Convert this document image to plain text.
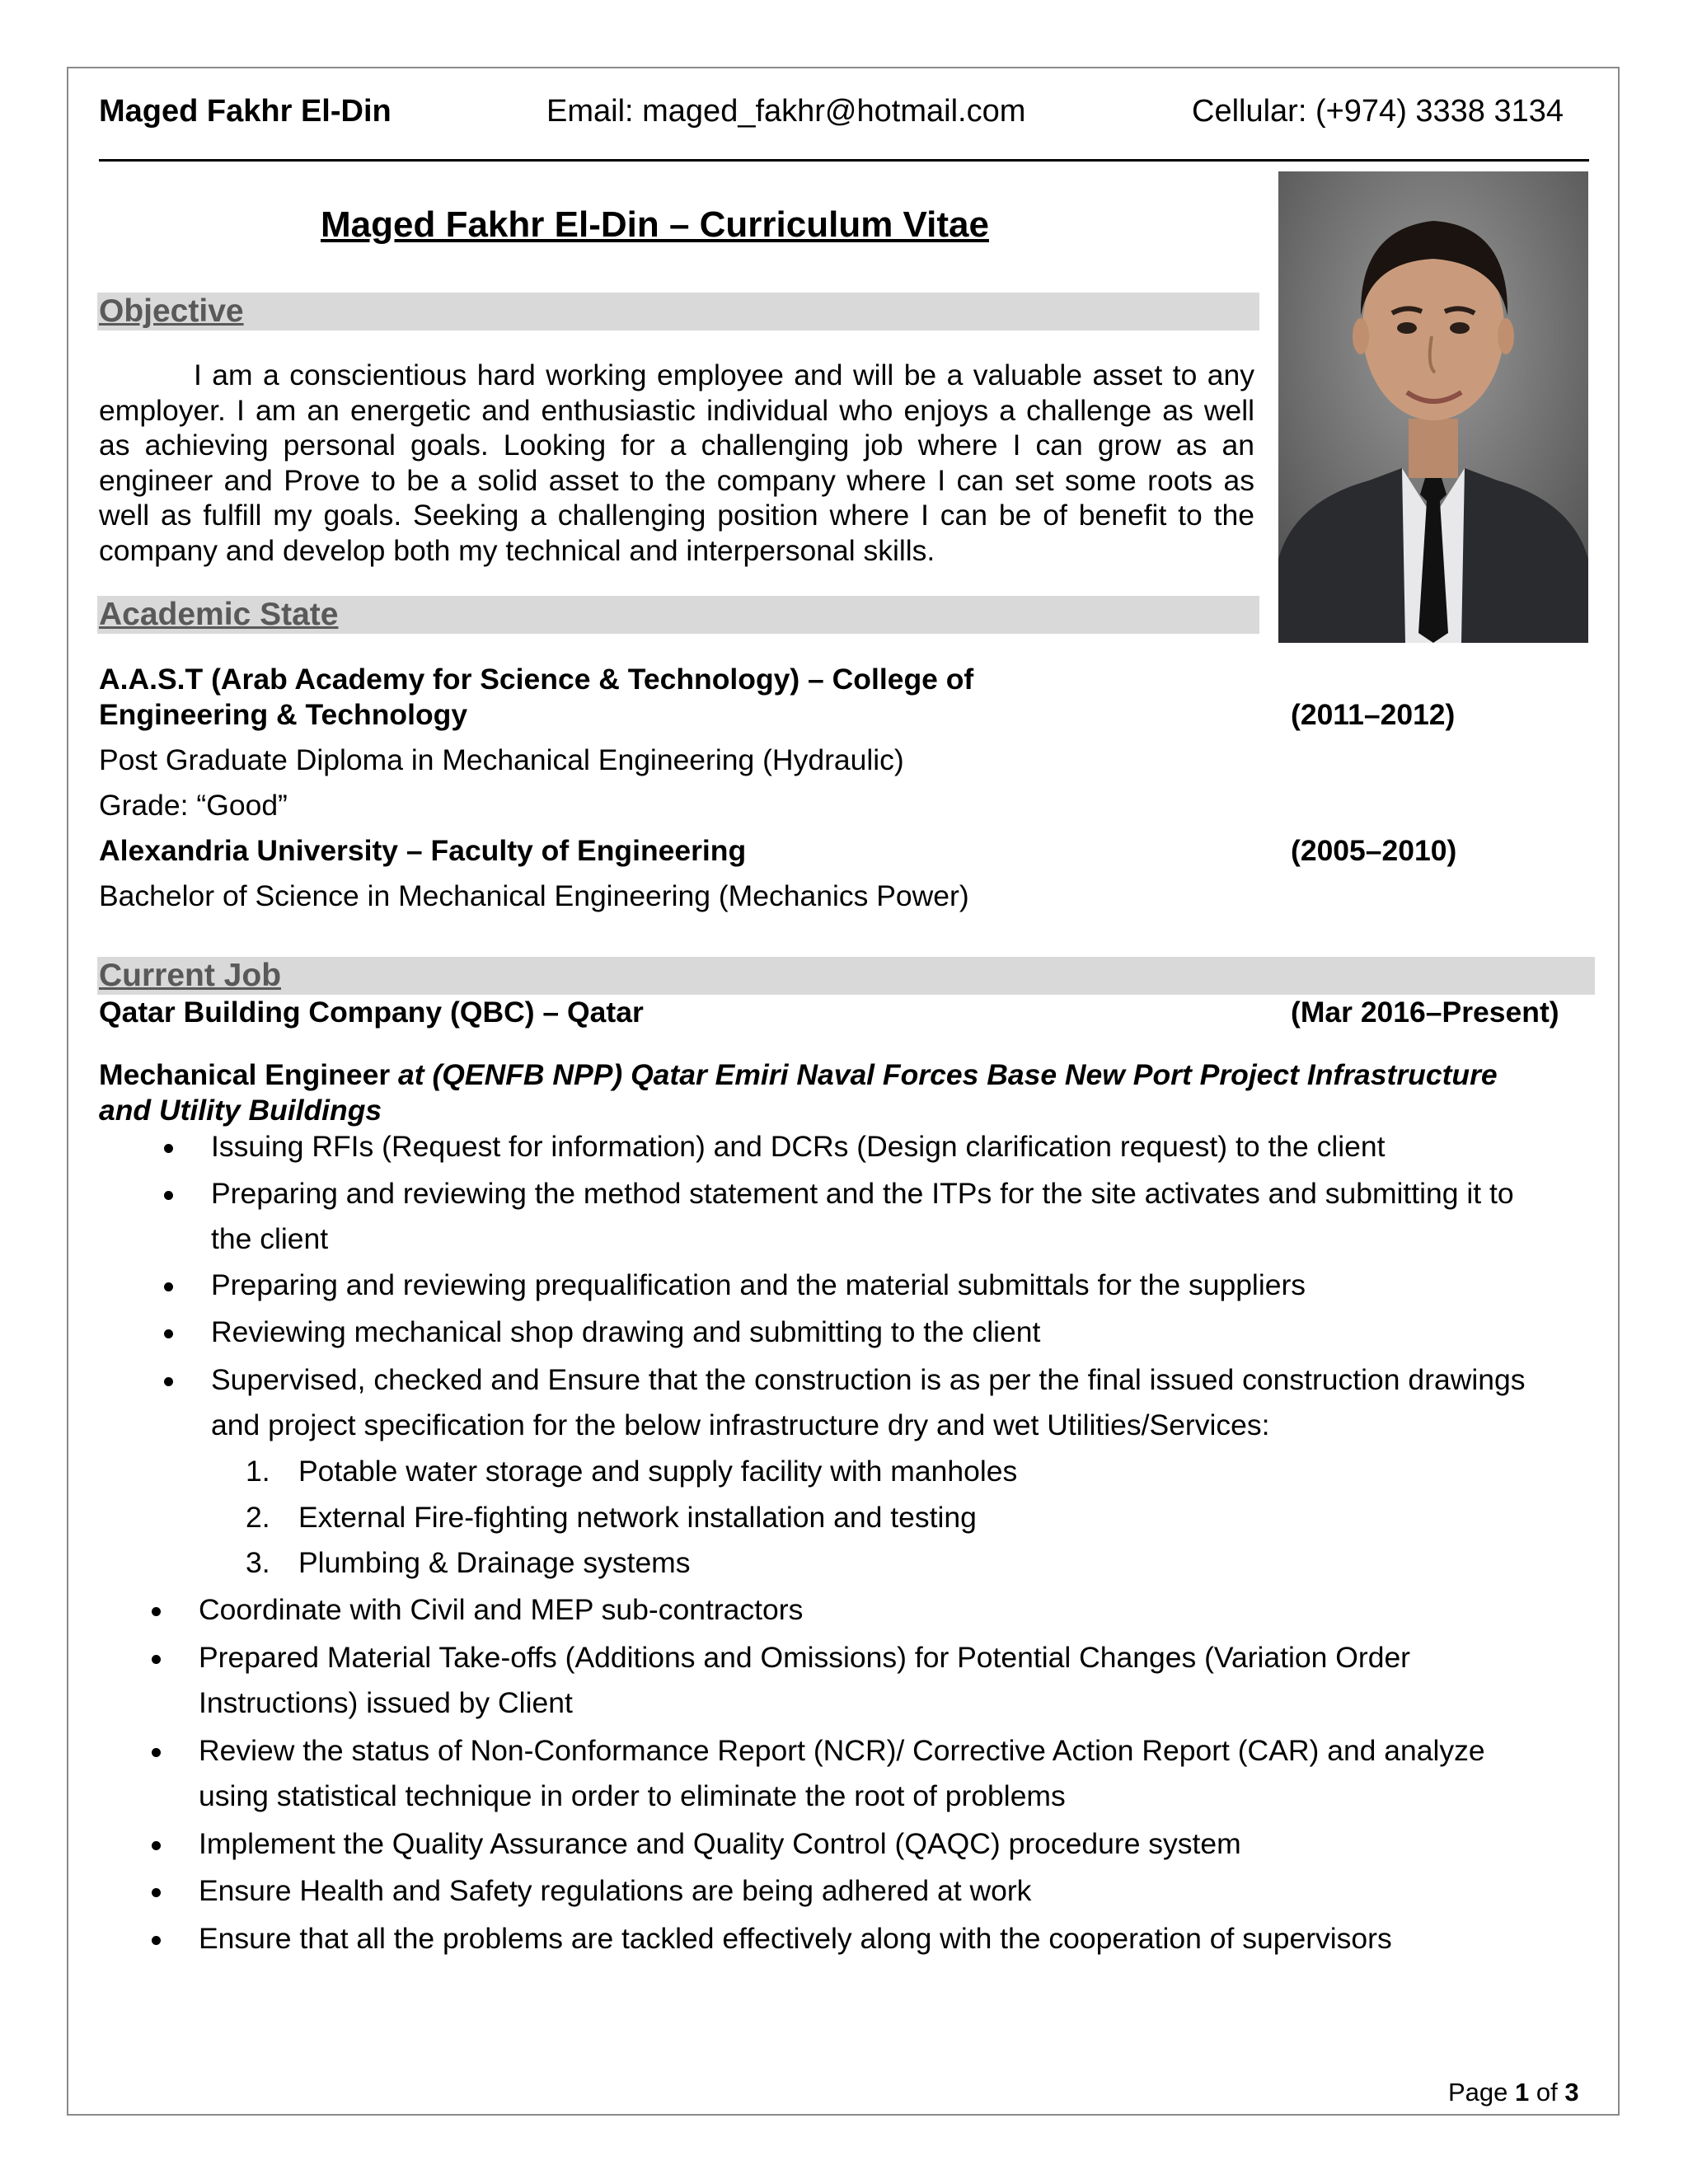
Maged Fakhr El-Din	Email: maged_fakhr@hotmail.com	Cellular: (+974) 3338 3134
Maged Fakhr El-Din – Curriculum Vitae
Objective

I am a conscientious hard working employee and will be a valuable asset to any employer. I am an energetic and enthusiastic individual who enjoys a challenge as well as achieving personal goals. Looking for a challenging job where I can grow as an engineer and Prove to be a solid asset to the company where I can set some roots as well as fulfill my goals. Seeking a challenging position where I can be of benefit to the company and develop both my technical and interpersonal skills.

Academic State
A.A.S.T (Arab Academy for Science & Technology) – College of
Engineering & Technology	(2011–2012)
Post Graduate Diploma in Mechanical Engineering (Hydraulic)
Grade: “Good”
Alexandria University – Faculty of Engineering	(2005–2010)
Bachelor of Science in Mechanical Engineering (Mechanics Power)
Current Job
Qatar Building Company (QBC) – Qatar	(Mar 2016–Present)
Mechanical Engineer at (QENFB NPP) Qatar Emiri Naval Forces Base New Port Project Infrastructure
and Utility Buildings
Issuing RFIs (Request for information) and DCRs (Design clarification request) to the client
Preparing and reviewing the method statement and the ITPs for the site activates and submitting it to
the client
Preparing and reviewing prequalification and the material submittals for the suppliers
Reviewing mechanical shop drawing and submitting to the client
Supervised, checked and Ensure that the construction is as per the final issued construction drawings
and project specification for the below infrastructure dry and wet Utilities/Services:
1. Potable water storage and supply facility with manholes
2. External Fire-fighting network installation and testing
3. Plumbing & Drainage systems
Coordinate with Civil and MEP sub-contractors
Prepared Material Take-offs (Additions and Omissions) for Potential Changes (Variation Order
Instructions) issued by Client
Review the status of Non-Conformance Report (NCR)/ Corrective Action Report (CAR) and analyze
using statistical technique in order to eliminate the root of problems
Implement the Quality Assurance and Quality Control (QAQC) procedure system
Ensure Health and Safety regulations are being adhered at work
Ensure that all the problems are tackled effectively along with the cooperation of supervisors
Page 1 of 3
